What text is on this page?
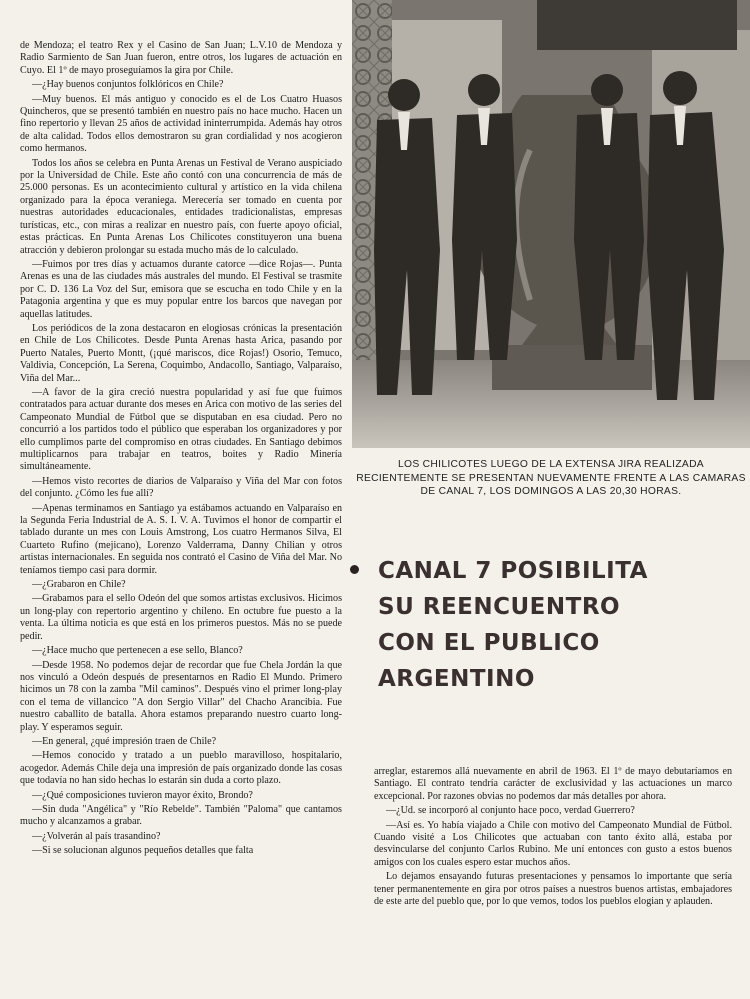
de Mendoza; el teatro Rex y el Casino de San Juan; L.V.10 de Mendoza y Radio Sarmiento de San Juan fueron, entre otros, los lugares de actuación en Cuyo. El 1º de mayo proseguíamos la gira por Chile.

—¿Hay buenos conjuntos folklóricos en Chile?

—Muy buenos. El más antiguo y conocido es el de Los Cuatro Huasos Quincheros, que se presentó también en nuestro país no hace mucho. Hacen un fino repertorio y llevan 25 años de actividad ininterrumpida. Además hay otros de alta calidad. Todos ellos demostraron su gran cordialidad y nos acogieron como hermanos.

Todos los años se celebra en Punta Arenas un Festival de Verano auspiciado por la Universidad de Chile. Este año contó con una concurrencia de más de 25.000 personas. Es un acontecimiento cultural y artístico en la vida chilena organizado para la época veraniega. Merecería ser tomado en cuenta por nuestras autoridades educacionales, entidades tradicionalistas, empresas turísticas, etc., con miras a realizar en nuestro país, con fuerte apoyo oficial, estas prácticas. En Punta Arenas Los Chilicotes constituyeron una buena atracción y debieron prolongar su estada mucho más de lo calculado.

—Fuimos por tres días y actuamos durante catorce —dice Rojas—. Punta Arenas es una de las ciudades más australes del mundo. El Festival se trasmite por C. D. 136 La Voz del Sur, emisora que se escucha en todo Chile y en la Patagonia argentina y que es muy popular entre los barcos que navegan por aquellas latitudes.

Los periódicos de la zona destacaron en elogiosas crónicas la presentación en Chile de Los Chilicotes. Desde Punta Arenas hasta Arica, pasando por Puerto Natales, Puerto Montt, (¡qué mariscos, dice Rojas!) Osorio, Temuco, Valdivia, Concepción, La Serena, Coquimbo, Andacollo, Santiago, Valparaíso, Viña del Mar...

—A favor de la gira creció nuestra popularidad y así fue que fuimos contratados para actuar durante dos meses en Arica con motivo de las series del Campeonato Mundial de Fútbol que se disputaban en esa ciudad. Pero no concurrió a los partidos todo el público que esperaban los organizadores y por ello cumplimos parte del compromiso en otras ciudades. En Santiago debimos multiplicarnos para trabajar en teatros, boites y Radio Minería simultáneamente.

—Hemos visto recortes de diarios de Valparaíso y Viña del Mar con fotos del conjunto. ¿Cómo les fue allí?

—Apenas terminamos en Santiago ya estábamos actuando en Valparaíso en la Segunda Feria Industrial de A. S. I. V. A. Tuvimos el honor de compartir el tablado durante un mes con Louis Amstrong, Los cuatro Hermanos Silva, El Cuarteto Rufino (mejicano), Lorenzo Valderrama, Danny Chilian y otros artistas internacionales. En seguida nos contrató el Casino de Viña del Mar. No teníamos tiempo casi para dormir.

—¿Grabaron en Chile?

—Grabamos para el sello Odeón del que somos artistas exclusivos. Hicimos un long-play con repertorio argentino y chileno. En octubre fue puesto a la venta. La última noticia es que está en los primeros puestos. Más no se puede pedir.

—¿Hace mucho que pertenecen a ese sello, Blanco?

—Desde 1958. No podemos dejar de recordar que fue Chela Jordán la que nos vinculó a Odeón después de presentarnos en Radio El Mundo. Primero hicimos un 78 con la zamba "Mil caminos". Después vino el primer long-play con el tema de villancico "A don Sergio Villar" del Chacho Arancibia. Fue nuestro caballito de batalla. Ahora estamos preparando nuestro cuarto long-play. Y esperamos seguir.

—En general, ¿qué impresión traen de Chile?

—Hemos conocido y tratado a un pueblo maravilloso, hospitalario, acogedor. Además Chile deja una impresión de país organizado donde las cosas que todavía no han sido hechas lo estarán sin duda a corto plazo.

—¿Qué composiciones tuvieron mayor éxito, Brondo?

—Sin duda "Angélica" y "Río Rebelde". También "Paloma" que cantamos mucho y alcanzamos a grabar.

—¿Volverán al país trasandino?

—Si se solucionan algunos pequeños detalles que falta

LOS CHILICOTES LUEGO DE LA EXTENSA JIRA REALIZADA RECIENTEMENTE SE PRESENTAN NUEVAMENTE FRENTE A LAS CAMARAS DE CANAL 7, LOS DOMINGOS A LAS 20,30 HORAS.
CANAL 7 POSIBILITA
SU REENCUENTRO
CON EL PUBLICO
ARGENTINO

arreglar, estaremos allá nuevamente en abril de 1963. El 1º de mayo debutaríamos en Santiago. El contrato tendría carácter de exclusividad y las actuaciones un marco excepcional. Por razones obvias no podemos dar más detalles por ahora.

—¿Ud. se incorporó al conjunto hace poco, verdad Guerrero?

—Así es. Yo había viajado a Chile con motivo del Campeonato Mundial de Fútbol. Cuando visité a Los Chilicotes que actuaban con tanto éxito allá, estaba por desvincularse del conjunto Carlos Rubino. Me uní entonces con gusto a estos buenos amigos con los cuales espero estar muchos años.

Lo dejamos ensayando futuras presentaciones y pensamos lo importante que sería tener permanentemente en gira por otros países a nuestros buenos artistas, embajadores de este arte del pueblo que, por lo que vemos, todos los pueblos elogian y aplauden.
